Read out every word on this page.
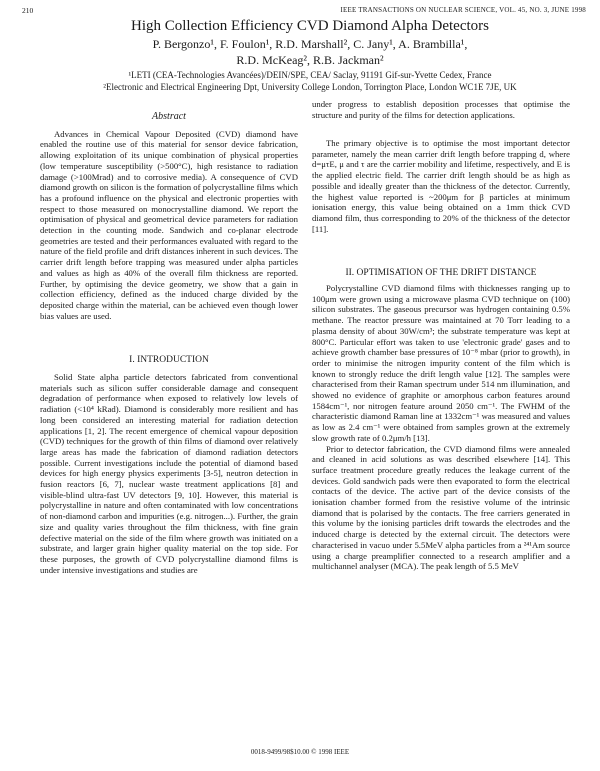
210	IEEE TRANSACTIONS ON NUCLEAR SCIENCE, VOL. 45, NO. 3, JUNE 1998
High Collection Efficiency CVD Diamond Alpha Detectors
P. Bergonzo¹, F. Foulon¹, R.D. Marshall², C. Jany¹, A. Brambilla¹,
R.D. McKeag², R.B. Jackman²
¹LETI (CEA-Technologies Avancées)/DEIN/SPE, CEA/ Saclay, 91191 Gif-sur-Yvette Cedex, France
²Electronic and Electrical Engineering Dpt, University College London, Torrington Place, London WC1E 7JE, UK

Abstract

Advances in Chemical Vapour Deposited (CVD) diamond have enabled the routine use of this material for sensor device fabrication, allowing exploitation of its unique combination of physical properties (low temperature susceptibility (>500°C), high resistance to radiation damage (>100Mrad) and to corrosive media). A consequence of CVD diamond growth on silicon is the formation of polycrystalline films which has a profound influence on the physical and electronic properties with respect to those measured on monocrystalline diamond. We report the optimisation of physical and geometrical device parameters for radiation detection in the counting mode. Sandwich and co-planar electrode geometries are tested and their performances evaluated with regard to the nature of the field profile and drift distances inherent in such devices. The carrier drift length before trapping was measured under alpha particles and values as high as 40% of the overall film thickness are reported. Further, by optimising the device geometry, we show that a gain in collection efficiency, defined as the induced charge divided by the deposited charge within the material, can be achieved even though lower bias values are used.

I. INTRODUCTION

Solid State alpha particle detectors fabricated from conventional materials such as silicon suffer considerable damage and consequent degradation of performance when exposed to relatively low levels of radiation (<10⁴ kRad). Diamond is considerably more resilient and has long been considered an interesting material for radiation detection applications [1, 2]. The recent emergence of chemical vapour deposition (CVD) techniques for the growth of thin films of diamond over relatively large areas has made the fabrication of diamond radiation detectors possible. Current investigations include the potential of diamond based devices for high energy physics experiments [3-5], neutron detection in fusion reactors [6, 7], nuclear waste treatment applications [8] and visible-blind ultra-fast UV detectors [9, 10]. However, this material is polycrystalline in nature and often contaminated with low concentrations of non-diamond carbon and impurities (e.g. nitrogen...). Further, the grain size and quality varies throughout the film thickness, with fine grain defective material on the side of the film where growth was initiated on a substrate, and larger grain higher quality material on the top side. For these purposes, the growth of CVD polycrystalline diamond films is under intensive investigations and studies are

under progress to establish deposition processes that optimise the structure and purity of the films for detection applications.

The primary objective is to optimise the most important detector parameter, namely the mean carrier drift length before trapping d, where d=μτE, μ and τ are the carrier mobility and lifetime, respectively, and E is the applied electric field. The carrier drift length should be as high as possible and ideally greater than the thickness of the detector. Currently, the highest value reported is ~200μm for β particles at minimum ionisation energy, this value being obtained on a 1mm thick CVD diamond film, thus corresponding to 20% of the thickness of the detector [11].

II. OPTIMISATION OF THE DRIFT DISTANCE

Polycrystalline CVD diamond films with thicknesses ranging up to 100μm were grown using a microwave plasma CVD technique on (100) silicon substrates. The gaseous precursor was hydrogen containing 0.5% methane. The reactor pressure was maintained at 70 Torr leading to a plasma density of about 30W/cm³; the substrate temperature was kept at 800°C. Particular effort was taken to use 'electronic grade' gases and to achieve growth chamber base pressures of 10⁻⁸ mbar (prior to growth), in order to minimise the nitrogen impurity content of the film which is known to strongly reduce the drift length value [12]. The samples were characterised from their Raman spectrum under 514 nm illumination, and showed no evidence of graphite or amorphous carbon features around 1584cm⁻¹, nor nitrogen feature around 2050 cm⁻¹. The FWHM of the characteristic diamond Raman line at 1332cm⁻¹ was measured and values as low as 2.4 cm⁻¹ were obtained from samples grown at the extremely slow growth rate of 0.2μm/h [13].

Prior to detector fabrication, the CVD diamond films were annealed and cleaned in acid solutions as was described elsewhere [14]. This surface treatment procedure greatly reduces the leakage current of the devices. Gold sandwich pads were then evaporated to form the electrical contacts of the device. The active part of the device consists of the ionisation chamber formed from the resistive volume of the intrinsic diamond that is polarised by the contacts. The free carriers generated in this volume by the ionising particles drift towards the electrodes and the induced charge is detected by the external circuit. The detectors were characterised in vacuo under 5.5MeV alpha particles from a ²⁴¹Am source using a charge preamplifier connected to a research amplifier and a multichannel analyser (MCA). The peak length of 5.5 MeV

0018-9499/98$10.00 © 1998 IEEE
